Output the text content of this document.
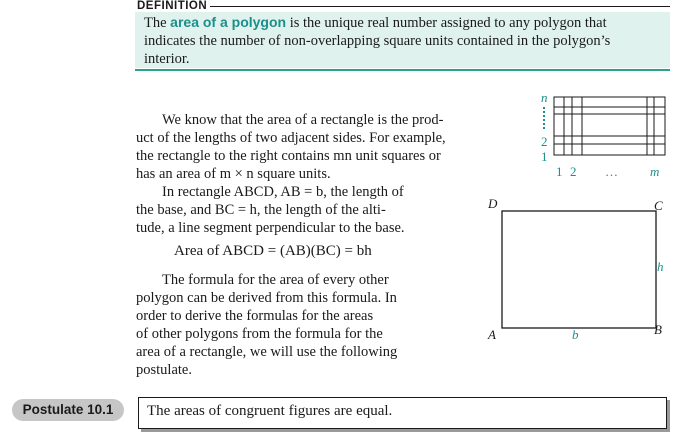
DEFINITION
The area of a polygon is the unique real number assigned to any polygon that
indicates the number of non-overlapping square units contained in the polygon’s
interior.
We know that the area of a rectangle is the prod-
uct of the lengths of two adjacent sides. For example,
the rectangle to the right contains mn unit squares or
has an area of m × n square units.
In rectangle ABCD, AB = b, the length of
the base, and BC = h, the length of the alti-
tude, a line segment perpendicular to the base.
Area of ABCD = (AB)(BC) = bh
The formula for the area of every other
polygon can be derived from this formula. In
order to derive the formulas for the areas
of other polygons from the formula for the
area of a rectangle, we will use the following
postulate.
n
2
1
1 2 … m
D	C
A	B
b
h
Postulate 10.1	The areas of congruent figures are equal.
